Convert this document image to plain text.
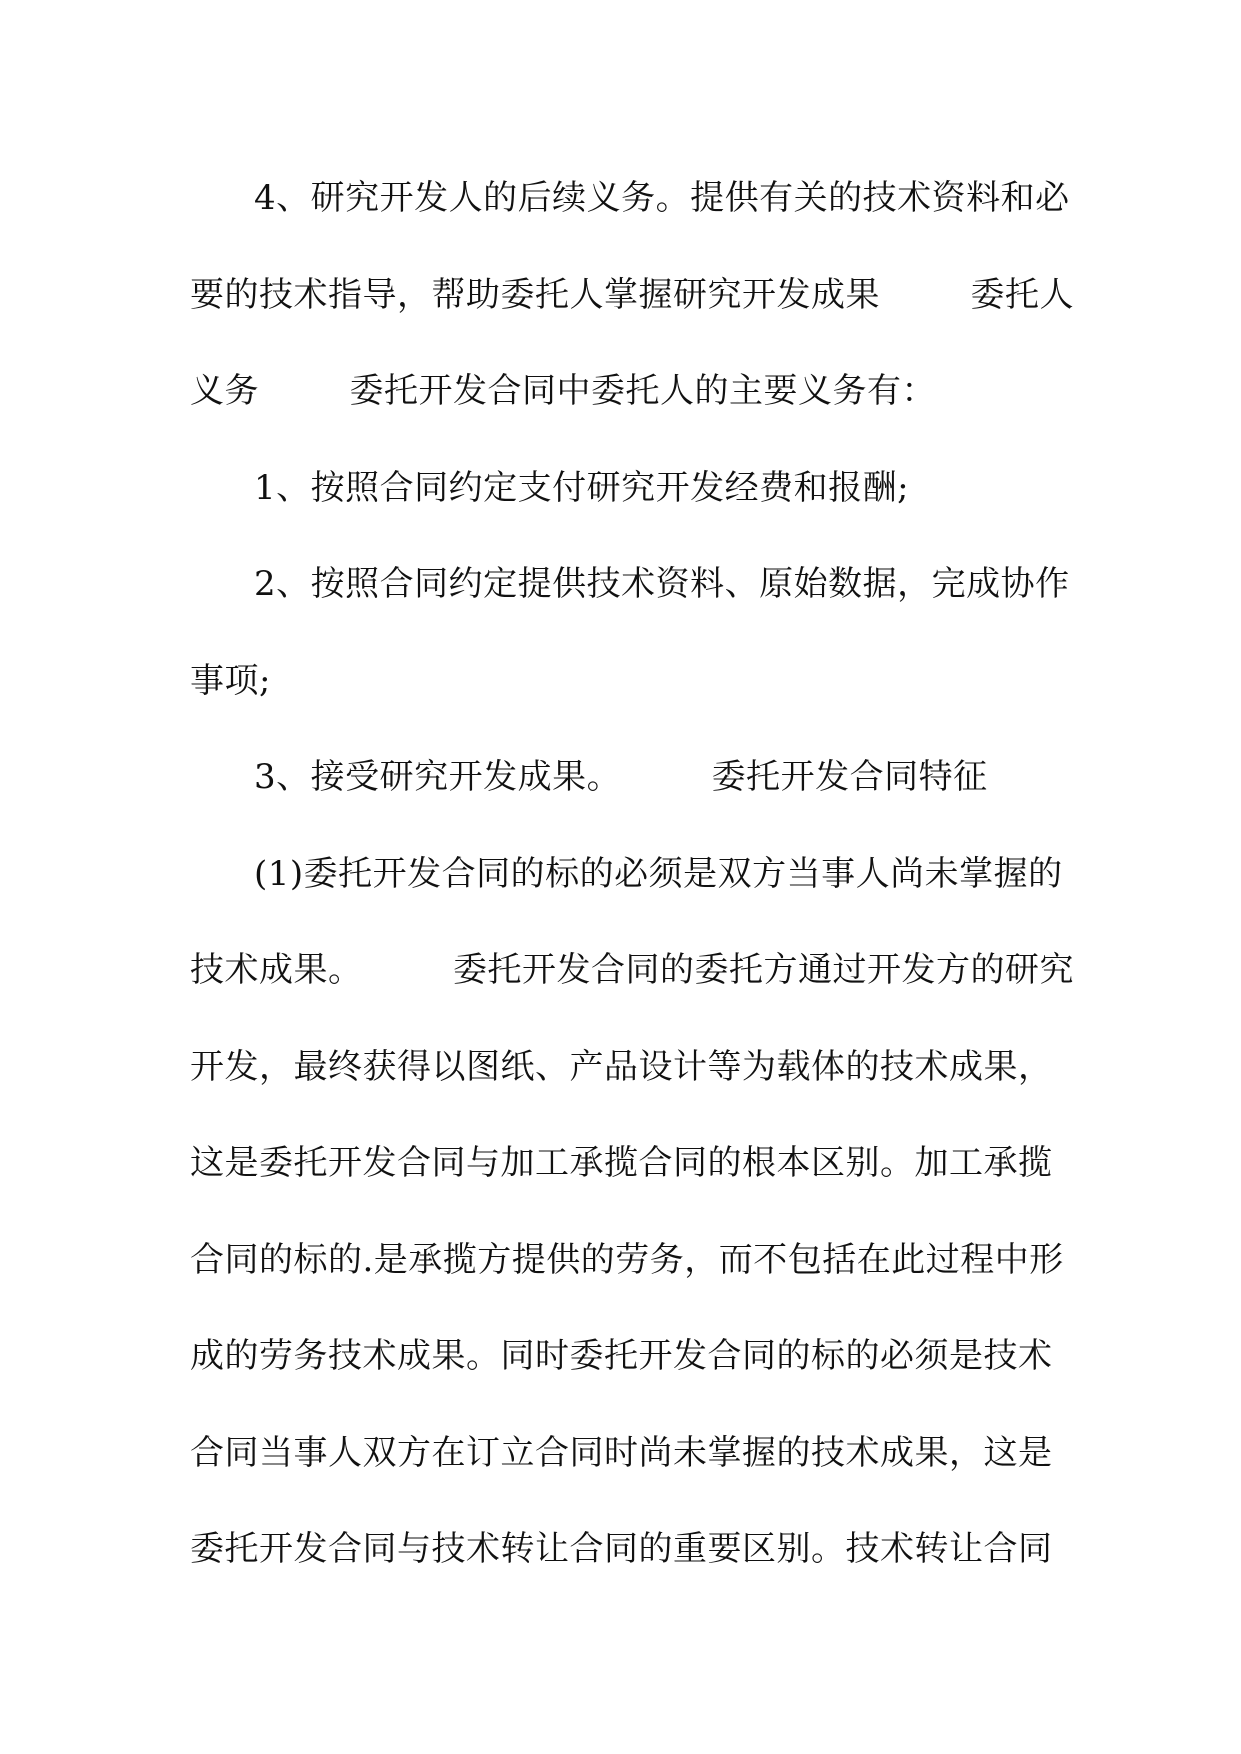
4、研究开发人的后续义务。提供有关的技术资料和必
要的技术指导，帮助委托人掌握研究开发成果        委托人
义务        委托开发合同中委托人的主要义务有：
1、按照合同约定支付研究开发经费和报酬;
2、按照合同约定提供技术资料、原始数据，完成协作
事项;
3、接受研究开发成果。        委托开发合同特征
(1)委托开发合同的标的必须是双方当事人尚未掌握的
技术成果。        委托开发合同的委托方通过开发方的研究
开发，最终获得以图纸、产品设计等为载体的技术成果，
这是委托开发合同与加工承揽合同的根本区别。加工承揽
合同的标的.是承揽方提供的劳务，而不包括在此过程中形
成的劳务技术成果。同时委托开发合同的标的必须是技术
合同当事人双方在订立合同时尚未掌握的技术成果，这是
委托开发合同与技术转让合同的重要区别。技术转让合同
